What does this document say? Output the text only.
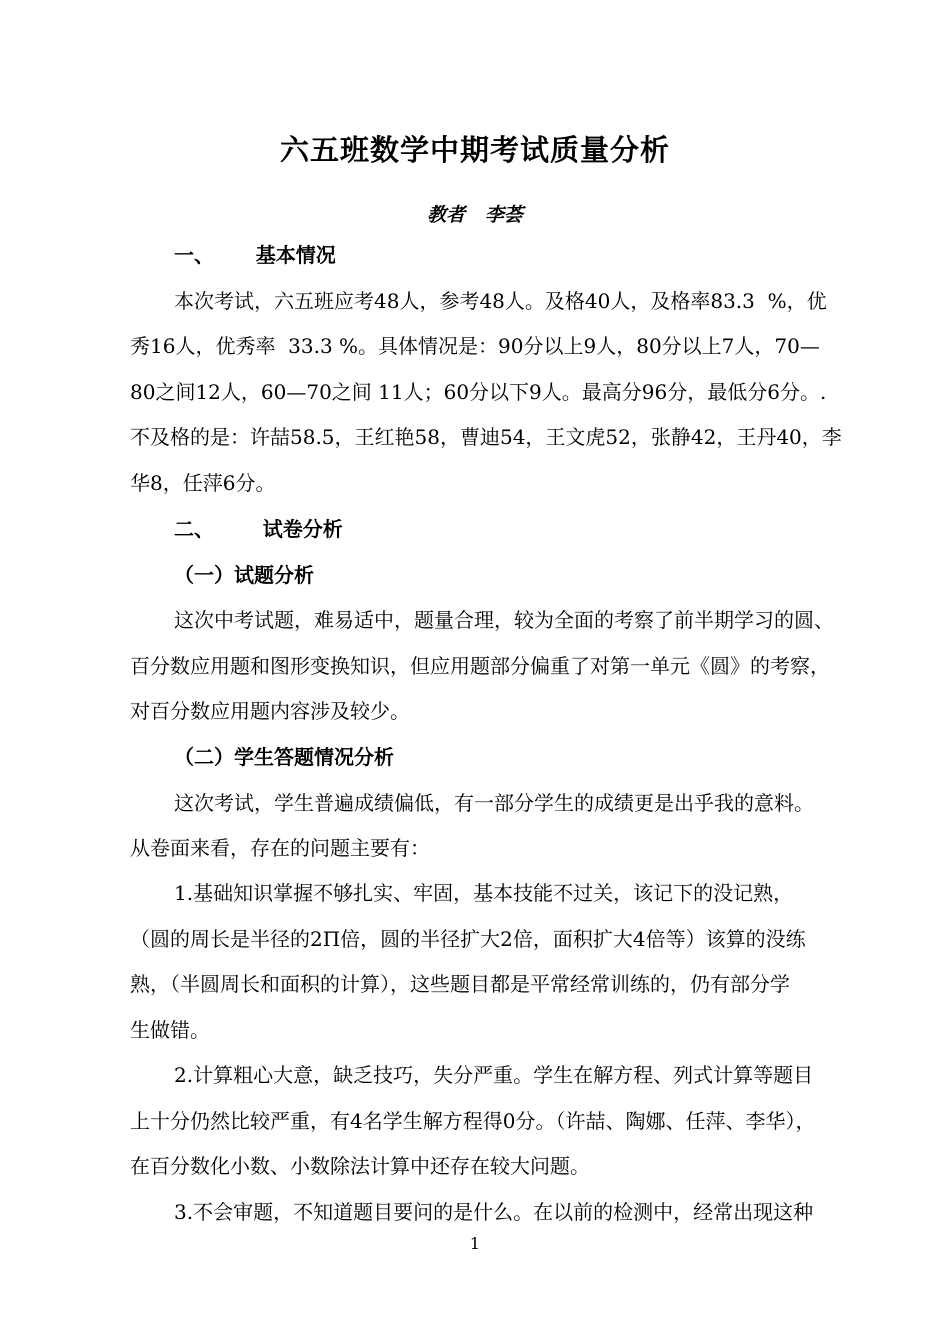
六五班数学中期考试质量分析
教者   李荟
一、      基本情况
本次考试，六五班应考48人，参考48人。及格40人，及格率83.3  %，优
秀16人，优秀率  33.3 %。具体情况是：90分以上9人，80分以上7人，70—
80之间12人，60—70之间 11人；60分以下9人。最高分96分，最低分6分。.
不及格的是：许喆58.5，王红艳58，曹迪54，王文虎52，张静42，王丹40，李
华8，任萍6分。
二、       试卷分析
（一）试题分析
这次中考试题，难易适中，题量合理，较为全面的考察了前半期学习的圆、
百分数应用题和图形变换知识，但应用题部分偏重了对第一单元《圆》的考察，
对百分数应用题内容涉及较少。
（二）学生答题情况分析
这次考试，学生普遍成绩偏低，有一部分学生的成绩更是出乎我的意料。
从卷面来看，存在的问题主要有：
1.基础知识掌握不够扎实、牢固，基本技能不过关，该记下的没记熟，
（圆的周长是半径的2Π倍，圆的半径扩大2倍，面积扩大4倍等）该算的没练
熟，（半圆周长和面积的计算），这些题目都是平常经常训练的，仍有部分学
生做错。
2.计算粗心大意，缺乏技巧，失分严重。学生在解方程、列式计算等题目
上十分仍然比较严重，有4名学生解方程得0分。（许喆、陶娜、任萍、李华），
在百分数化小数、小数除法计算中还存在较大问题。
3.不会审题，不知道题目要问的是什么。在以前的检测中，经常出现这种
1
